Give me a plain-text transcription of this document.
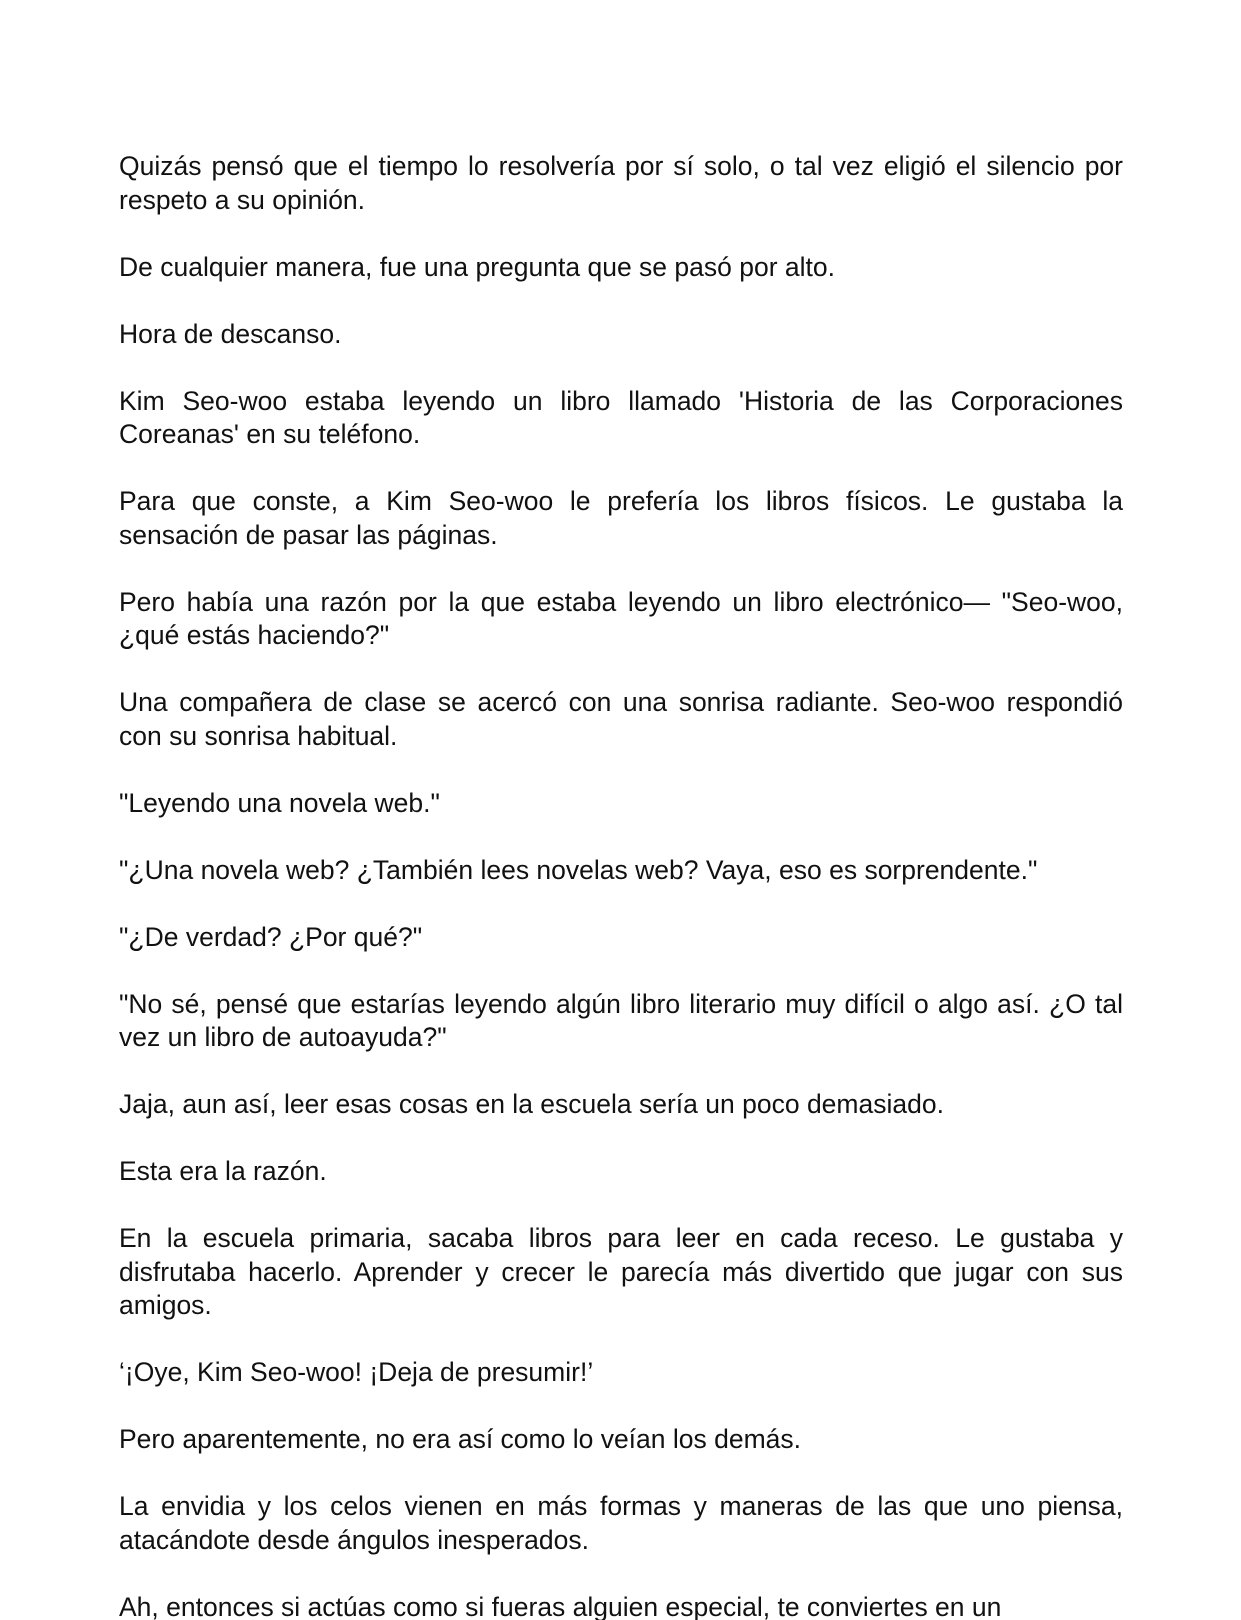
Quizás pensó que el tiempo lo resolvería por sí solo, o tal vez eligió el silencio por respeto a su opinión.

De cualquier manera, fue una pregunta que se pasó por alto.

Hora de descanso.

Kim Seo-woo estaba leyendo un libro llamado 'Historia de las Corporaciones Coreanas' en su teléfono.

Para que conste, a Kim Seo-woo le prefería los libros físicos. Le gustaba la sensación de pasar las páginas.

Pero había una razón por la que estaba leyendo un libro electrónico— "Seo-woo, ¿qué estás haciendo?"

Una compañera de clase se acercó con una sonrisa radiante. Seo-woo respondió con su sonrisa habitual.

"Leyendo una novela web."

"¿Una novela web? ¿También lees novelas web? Vaya, eso es sorprendente."

"¿De verdad? ¿Por qué?"

"No sé, pensé que estarías leyendo algún libro literario muy difícil o algo así. ¿O tal vez un libro de autoayuda?"

Jaja, aun así, leer esas cosas en la escuela sería un poco demasiado.

Esta era la razón.

En la escuela primaria, sacaba libros para leer en cada receso. Le gustaba y disfrutaba hacerlo. Aprender y crecer le parecía más divertido que jugar con sus amigos.

‘¡Oye, Kim Seo-woo! ¡Deja de presumir!’

Pero aparentemente, no era así como lo veían los demás.

La envidia y los celos vienen en más formas y maneras de las que uno piensa, atacándote desde ángulos inesperados.

Ah, entonces si actúas como si fueras alguien especial, te conviertes en un
